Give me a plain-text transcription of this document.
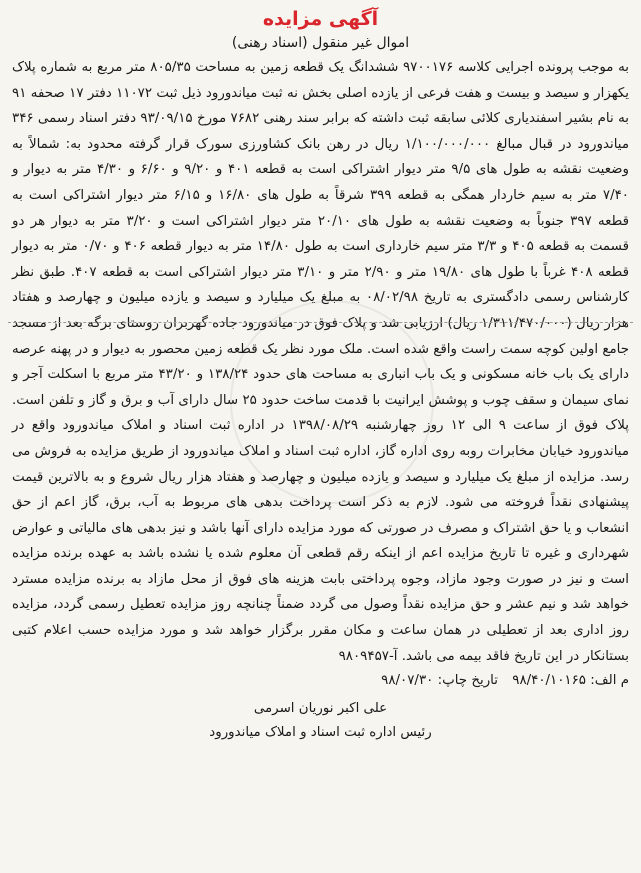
آگهی مزایده
اموال غیر منقول (اسناد رهنی)

به موجب پرونده اجرایی کلاسه ۹۷۰۰۱۷۶ ششدانگ یک قطعه زمین به مساحت ۸۰۵/۳۵ متر مربع به شماره پلاک یکهزار و سیصد و بیست و هفت فرعی از یازده اصلی بخش نه ثبت میاندورود ذیل ثبت ۱۱۰۷۲ دفتر ۱۷ صحفه ۹۱ به نام بشیر اسفندیاری کلائی سابقه ثبت داشته که برابر سند رهنی ۷۶۸۲ مورخ ۹۳/۰۹/۱۵ دفتر اسناد رسمی ۳۴۶ میاندورود در قبال مبالغ ۱/۱۰۰/۰۰۰/۰۰۰ ریال در رهن بانک کشاورزی سورک قرار گرفته محدود به: شمالاً به وضعیت نقشه به طول های ۹/۵ متر دیوار اشتراکی است به قطعه ۴۰۱ و ۹/۲۰ و ۶/۶۰ و ۴/۳۰ متر به دیوار و ۷/۴۰ متر به سیم خاردار همگی به قطعه ۳۹۹ شرقاً به طول های ۱۶/۸۰ و ۶/۱۵ متر دیوار اشتراکی است به قطعه ۳۹۷ جنوباً به وضعیت نقشه به طول های ۲۰/۱۰ متر دیوار اشتراکی است و ۳/۲۰ متر به دیوار هر دو قسمت به قطعه ۴۰۵ و ۳/۳ متر سیم خارداری است به طول ۱۴/۸۰ متر به دیوار قطعه ۴۰۶ و ۰/۷۰ متر به دیوار قطعه ۴۰۸ غرباً با طول های ۱۹/۸۰ متر و ۲/۹۰ متر و ۳/۱۰ متر دیوار اشتراکی است به قطعه ۴۰۷. طبق نظر کارشناس رسمی دادگستری به تاریخ ۰۸/۰۲/۹۸ به مبلغ یک میلیارد و سیصد و یازده میلیون و چهارصد و هفتاد هزار ریال (۱/۳۱۱/۴۷۰/۰۰۰ ریال) ارزیابی شد و پلاک فوق در میاندورود جاده گهربران روستای برگه بعد از مسجد جامع اولین کوچه سمت راست واقع شده است. ملک مورد نظر یک قطعه زمین محصور به دیوار و در پهنه عرصه دارای یک باب خانه مسکونی و یک باب انباری به مساحت های حدود ۱۳۸/۲۴ و ۴۳/۲۰ متر مربع با اسکلت آجر و نمای سیمان و سقف چوب و پوشش ایرانیت با قدمت ساخت حدود ۲۵ سال دارای آب و برق و گاز و تلفن است. پلاک فوق از ساعت ۹ الی ۱۲ روز چهارشنبه ۱۳۹۸/۰۸/۲۹ در اداره ثبت اسناد و املاک میاندورود واقع در میاندورود خیابان مخابرات روبه روی اداره گاز، اداره ثبت اسناد و املاک میاندورود از طریق مزایده به فروش می رسد. مزایده از مبلغ یک میلیارد و سیصد و یازده میلیون و چهارصد و هفتاد هزار ریال شروع و به بالاترین قیمت پیشنهادی نقداً فروخته می شود. لازم به ذکر است پرداخت بدهی های مربوط به آب، برق، گاز اعم از حق انشعاب و یا حق اشتراک و مصرف در صورتی که مورد مزایده دارای آنها باشد و نیز بدهی های مالیاتی و عوارض شهرداری و غیره تا تاریخ مزایده اعم از اینکه رقم قطعی آن معلوم شده یا نشده باشد به عهده برنده مزایده است و نیز در صورت وجود مازاد، وجوه پرداختی بابت هزینه های فوق از محل مازاد به برنده مزایده مسترد خواهد شد و نیم عشر و حق مزایده نقداً وصول می گردد ضمناً چنانچه روز مزایده تعطیل رسمی گردد، مزایده روز اداری بعد از تعطیلی در همان ساعت و مکان مقرر برگزار خواهد شد و مورد مزایده حسب اعلام کتبی بستانکار در این تاریخ فاقد بیمه می باشد. آ-۹۸۰۹۴۵۷

م الف: ۹۸/۴۰/۱۰۱۶۵ تاریخ چاپ: ۹۸/۰۷/۳۰
علی اکبر نوریان اسرمی
رئیس اداره ثبت اسناد و املاک میاندورود
